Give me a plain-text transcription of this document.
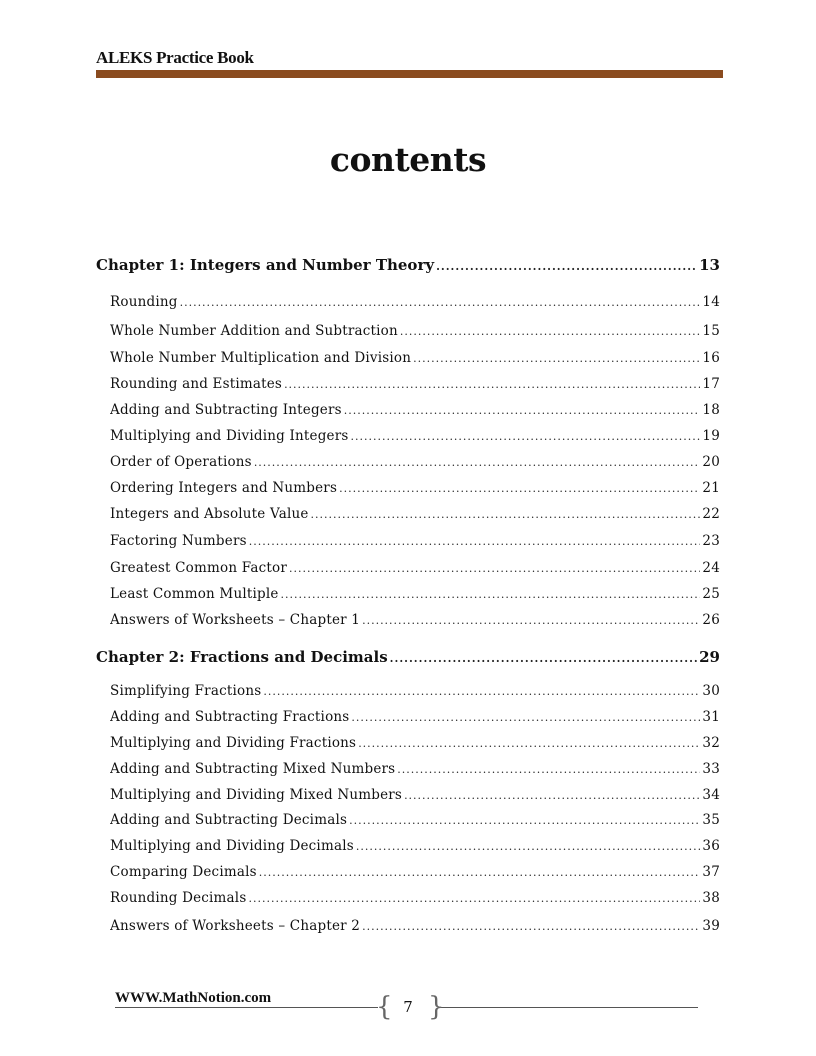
ALEKS Practice Book
contents
Chapter 1: Integers and Number Theory .....	13
Rounding .....	14
Whole Number Addition and Subtraction .....	15
Whole Number Multiplication and Division .....	16
Rounding and Estimates .....	17
Adding and Subtracting Integers .....	18
Multiplying and Dividing Integers .....	19
Order of Operations .....	20
Ordering Integers and Numbers .....	21
Integers and Absolute Value .....	22
Factoring Numbers .....	23
Greatest Common Factor .....	24
Least Common Multiple .....	25
Answers of Worksheets – Chapter 1 .....	26
Chapter 2: Fractions and Decimals .....	29
Simplifying Fractions .....	30
Adding and Subtracting Fractions .....	31
Multiplying and Dividing Fractions .....	32
Adding and Subtracting Mixed Numbers .....	33
Multiplying and Dividing Mixed Numbers .....	34
Adding and Subtracting Decimals .....	35
Multiplying and Dividing Decimals .....	36
Comparing Decimals .....	37
Rounding Decimals .....	38
Answers of Worksheets – Chapter 2 .....	39
WWW.MathNotion.com	{ }
7
